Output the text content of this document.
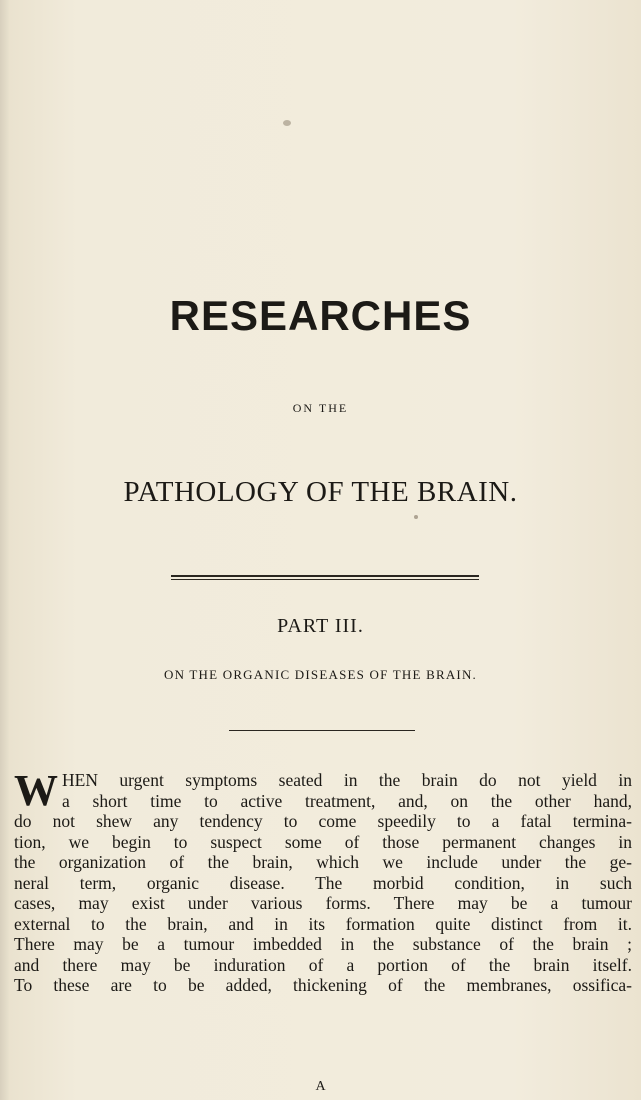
RESEARCHES
ON THE
PATHOLOGY OF THE BRAIN.
PART III.
ON THE ORGANIC DISEASES OF THE BRAIN.
W HEN urgent symptoms seated in the brain do not yield in
a short time to active treatment, and, on the other hand,
do not shew any tendency to come speedily to a fatal termina-
tion, we begin to suspect some of those permanent changes in
the organization of the brain, which we include under the ge-
neral term, organic disease. The morbid condition, in such
cases, may exist under various forms. There may be a tumour
external to the brain, and in its formation quite distinct from it.
There may be a tumour imbedded in the substance of the brain ;
and there may be induration of a portion of the brain itself.
To these are to be added, thickening of the membranes, ossifica-
A
